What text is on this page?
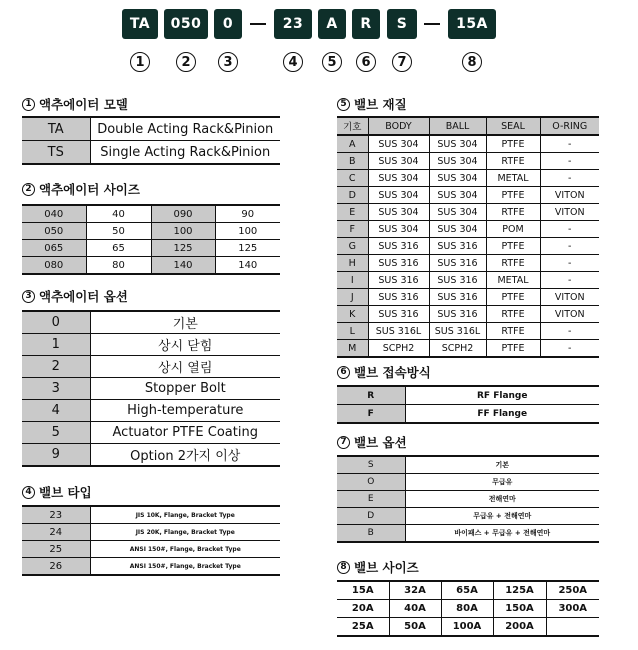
TA	050	0	23	A	R	S	15A
1	2	3	4	5	6	7	8
1 액추에이터 모델
TA	Double Acting Rack&Pinion
TS	Single Acting Rack&Pinion
2 액추에이터 사이즈
040	40	090	90
050	50	100	100
065	65	125	125
080	80	140	140
3 액추에이터 옵션
0	기본
1	상시 닫힘
2	상시 열림
3	Stopper Bolt
4	High-temperature
5	Actuator PTFE Coating
9	Option 2가지 이상
4 밸브 타입
23	JIS 10K, Flange, Bracket Type
24	JIS 20K, Flange, Bracket Type
25	ANSI 150#, Flange, Bracket Type
26	ANSI 150#, Flange, Bracket Type
5 밸브 재질
기호	BODY	BALL	SEAL	O-RING
A	SUS 304	SUS 304	PTFE	-
B	SUS 304	SUS 304	RTFE	-
C	SUS 304	SUS 304	METAL	-
D	SUS 304	SUS 304	PTFE	VITON
E	SUS 304	SUS 304	RTFE	VITON
F	SUS 304	SUS 304	POM	-
G	SUS 316	SUS 316	PTFE	-
H	SUS 316	SUS 316	RTFE	-
I	SUS 316	SUS 316	METAL	-
J	SUS 316	SUS 316	PTFE	VITON
K	SUS 316	SUS 316	RTFE	VITON
L	SUS 316L	SUS 316L	RTFE	-
M	SCPH2	SCPH2	PTFE	-
6 밸브 접속방식
R	RF Flange
F	FF Flange
7 밸브 옵션
S	기본
O	무급유
E	전해연마
D	무급유 + 전해연마
B	바이패스 + 무급유 + 전해연마
8 밸브 사이즈
15A	32A	65A	125A	250A
20A	40A	80A	150A	300A
25A	50A	100A	200A	
